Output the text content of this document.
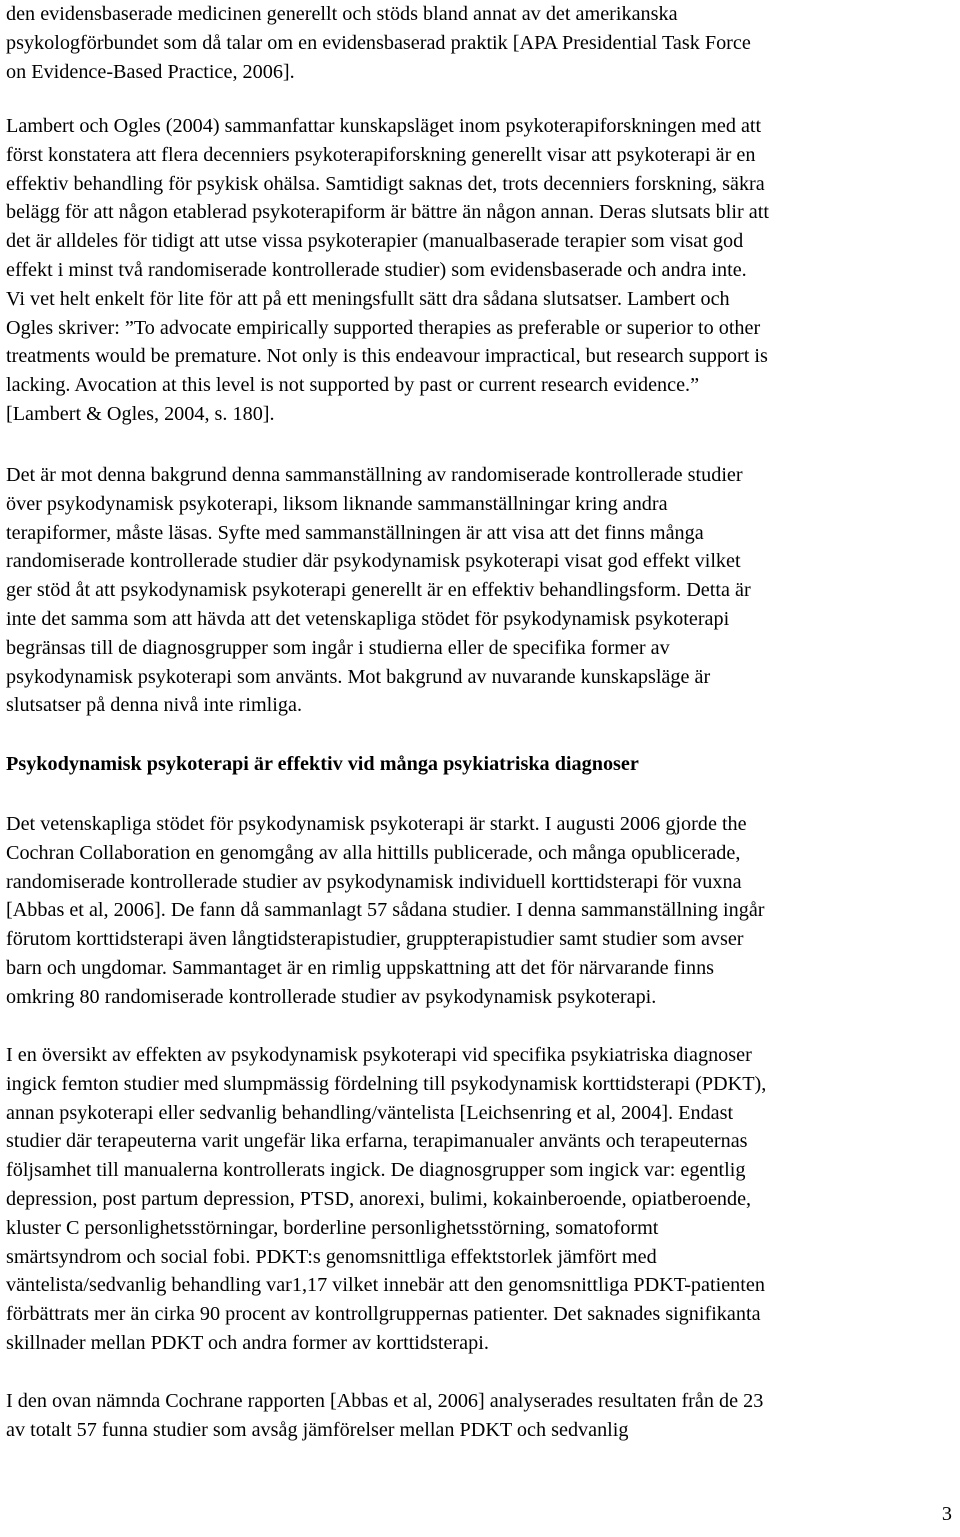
den evidensbaserade medicinen generellt och stöds bland annat av det amerikanska
psykologförbundet som då talar om en evidensbaserad praktik [APA Presidential Task Force
on Evidence-Based Practice, 2006].

Lambert och Ogles (2004) sammanfattar kunskapsläget inom psykoterapiforskningen med att
först konstatera att flera decenniers psykoterapiforskning generellt visar att psykoterapi är en
effektiv behandling för psykisk ohälsa. Samtidigt saknas det, trots decenniers forskning, säkra
belägg för att någon etablerad psykoterapiform är bättre än någon annan. Deras slutsats blir att
det är alldeles för tidigt att utse vissa psykoterapier (manualbaserade terapier som visat god
effekt i minst två randomiserade kontrollerade studier) som evidensbaserade och andra inte.
Vi vet helt enkelt för lite för att på ett meningsfullt sätt dra sådana slutsatser. Lambert och
Ogles skriver: ”To advocate empirically supported therapies as preferable or superior to other
treatments would be premature. Not only is this endeavour impractical, but research support is
lacking. Avocation at this level is not supported by past or current research evidence.”
[Lambert & Ogles, 2004, s. 180].

Det är mot denna bakgrund denna sammanställning av randomiserade kontrollerade studier
över psykodynamisk psykoterapi, liksom liknande sammanställningar kring andra
terapiformer, måste läsas. Syfte med sammanställningen är att visa att det finns många
randomiserade kontrollerade studier där psykodynamisk psykoterapi visat god effekt vilket
ger stöd åt att psykodynamisk psykoterapi generellt är en effektiv behandlingsform. Detta är
inte det samma som att hävda att det vetenskapliga stödet för psykodynamisk psykoterapi
begränsas till de diagnosgrupper som ingår i studierna eller de specifika former av
psykodynamisk psykoterapi som använts. Mot bakgrund av nuvarande kunskapsläge är
slutsatser på denna nivå inte rimliga.

Psykodynamisk psykoterapi är effektiv vid många psykiatriska diagnoser

Det vetenskapliga stödet för psykodynamisk psykoterapi är starkt. I augusti 2006 gjorde the
Cochran Collaboration en genomgång av alla hittills publicerade, och många opublicerade,
randomiserade kontrollerade studier av psykodynamisk individuell korttidsterapi för vuxna
[Abbas et al, 2006]. De fann då sammanlagt 57 sådana studier. I denna sammanställning ingår
förutom korttidsterapi även långtidsterapistudier, gruppterapistudier samt studier som avser
barn och ungdomar. Sammantaget är en rimlig uppskattning att det för närvarande finns
omkring 80 randomiserade kontrollerade studier av psykodynamisk psykoterapi.

I en översikt av effekten av psykodynamisk psykoterapi vid specifika psykiatriska diagnoser
ingick femton studier med slumpmässig fördelning till psykodynamisk korttidsterapi (PDKT),
annan psykoterapi eller sedvanlig behandling/väntelista [Leichsenring et al, 2004]. Endast
studier där terapeuterna varit ungefär lika erfarna, terapimanualer använts och terapeuternas
följsamhet till manualerna kontrollerats ingick. De diagnosgrupper som ingick var: egentlig
depression, post partum depression, PTSD, anorexi, bulimi, kokainberoende, opiatberoende,
kluster C personlighetsstörningar, borderline personlighetsstörning, somatoformt
smärtsyndrom och social fobi. PDKT:s genomsnittliga effektstorlek jämfört med
väntelista/sedvanlig behandling var1,17 vilket innebär att den genomsnittliga PDKT-patienten
förbättrats mer än cirka 90 procent av kontrollgruppernas patienter. Det saknades signifikanta
skillnader mellan PDKT och andra former av korttidsterapi.

I den ovan nämnda Cochrane rapporten [Abbas et al, 2006] analyserades resultaten från de 23
av totalt 57 funna studier som avsåg jämförelser mellan PDKT och sedvanlig

3
